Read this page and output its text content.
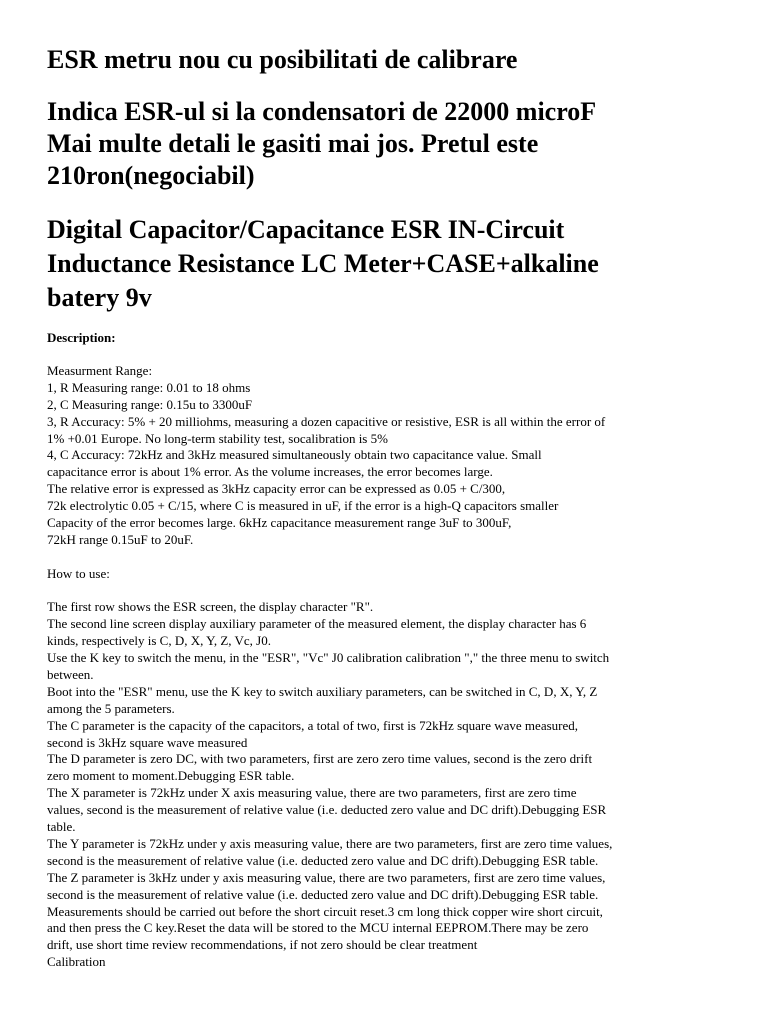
ESR metru nou cu posibilitati de calibrare
Indica ESR-ul si la condensatori de 22000 microF
Mai multe detali le gasiti mai jos. Pretul este
210ron(negociabil)
Digital Capacitor/Capacitance ESR IN-Circuit
Inductance Resistance LC Meter+CASE+alkaline
batery 9v

Description:

Measurment Range:
1, R Measuring range: 0.01 to 18 ohms
2, C Measuring range: 0.15u to 3300uF
3, R Accuracy: 5% + 20 milliohms, measuring a dozen capacitive or resistive, ESR is all within the error of
1% +0.01 Europe. No long-term stability test, socalibration is 5%
4, C Accuracy: 72kHz and 3kHz measured simultaneously obtain two capacitance value. Small
capacitance error is about 1% error. As the volume increases, the error becomes large.
The relative error is expressed as 3kHz capacity error can be expressed as 0.05 + C/300,
72k electrolytic 0.05 + C/15, where C is measured in uF, if the error is a high-Q capacitors smaller
Capacity of the error becomes large. 6kHz capacitance measurement range 3uF to 300uF,
72kH range 0.15uF to 20uF.
How to use:
The first row shows the ESR screen, the display character "R".
The second line screen display auxiliary parameter of the measured element, the display character has 6
kinds, respectively is C, D, X, Y, Z, Vc, J0.
Use the K key to switch the menu, in the "ESR", "Vc" J0 calibration calibration "," the three menu to switch
between.
Boot into the "ESR" menu, use the K key to switch auxiliary parameters, can be switched in C, D, X, Y, Z
among the 5 parameters.
The C parameter is the capacity of the capacitors, a total of two, first is 72kHz square wave measured,
second is 3kHz square wave measured
The D parameter is zero DC, with two parameters, first are zero zero time values, second is the zero drift
zero moment to moment.Debugging ESR table.
The X parameter is 72kHz under X axis measuring value, there are two parameters, first are zero time
values, second is the measurement of relative value (i.e. deducted zero value and DC drift).Debugging ESR
table.
The Y parameter is 72kHz under y axis measuring value, there are two parameters, first are zero time values,
second is the measurement of relative value (i.e. deducted zero value and DC drift).Debugging ESR table.
The Z parameter is 3kHz under y axis measuring value, there are two parameters, first are zero time values,
second is the measurement of relative value (i.e. deducted zero value and DC drift).Debugging ESR table.
Measurements should be carried out before the short circuit reset.3 cm long thick copper wire short circuit,
and then press the C key.Reset the data will be stored to the MCU internal EEPROM.There may be zero
drift, use short time review recommendations, if not zero should be clear treatment
Calibration
